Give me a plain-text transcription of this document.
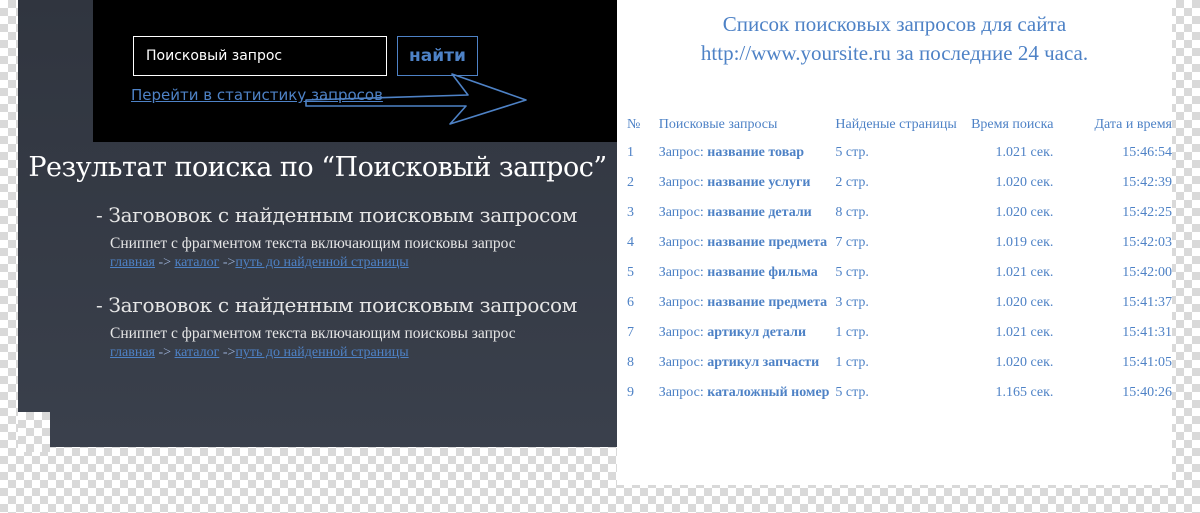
Поисковый запрос
найти
Перейти в статистику запросов
Результат поиска по “Поисковый запрос”
- Загововок с найденным поисковым запросом
Сниппет с фрагментом текста включающим поисковы запрос
главная -> каталог ->путь до найденной страницы
- Загововок с найденным поисковым запросом
Сниппет с фрагментом текста включающим поисковы запрос
главная -> каталог ->путь до найденной страницы
Список поисковых запросов для сайта
http://www.yoursite.ru за последние 24 часа.
№	Поисковые запросы	Найденые страницы	Время поиска	Дата и время
1	Запрос: название товар	5 стр.	1.021 сек.	15:46:54
2	Запрос: название услуги	2 стр.	1.020 сек.	15:42:39
3	Запрос: название детали	8 стр.	1.020 сек.	15:42:25
4	Запрос: название предмета	7 стр.	1.019 сек.	15:42:03
5	Запрос: название фильма	5 стр.	1.021 сек.	15:42:00
6	Запрос: название предмета	3 стр.	1.020 сек.	15:41:37
7	Запрос: артикул детали	1 стр.	1.021 сек.	15:41:31
8	Запрос: артикул запчасти	1 стр.	1.020 сек.	15:41:05
9	Запрос: каталожный номер	5 стр.	1.165 сек.	15:40:26
